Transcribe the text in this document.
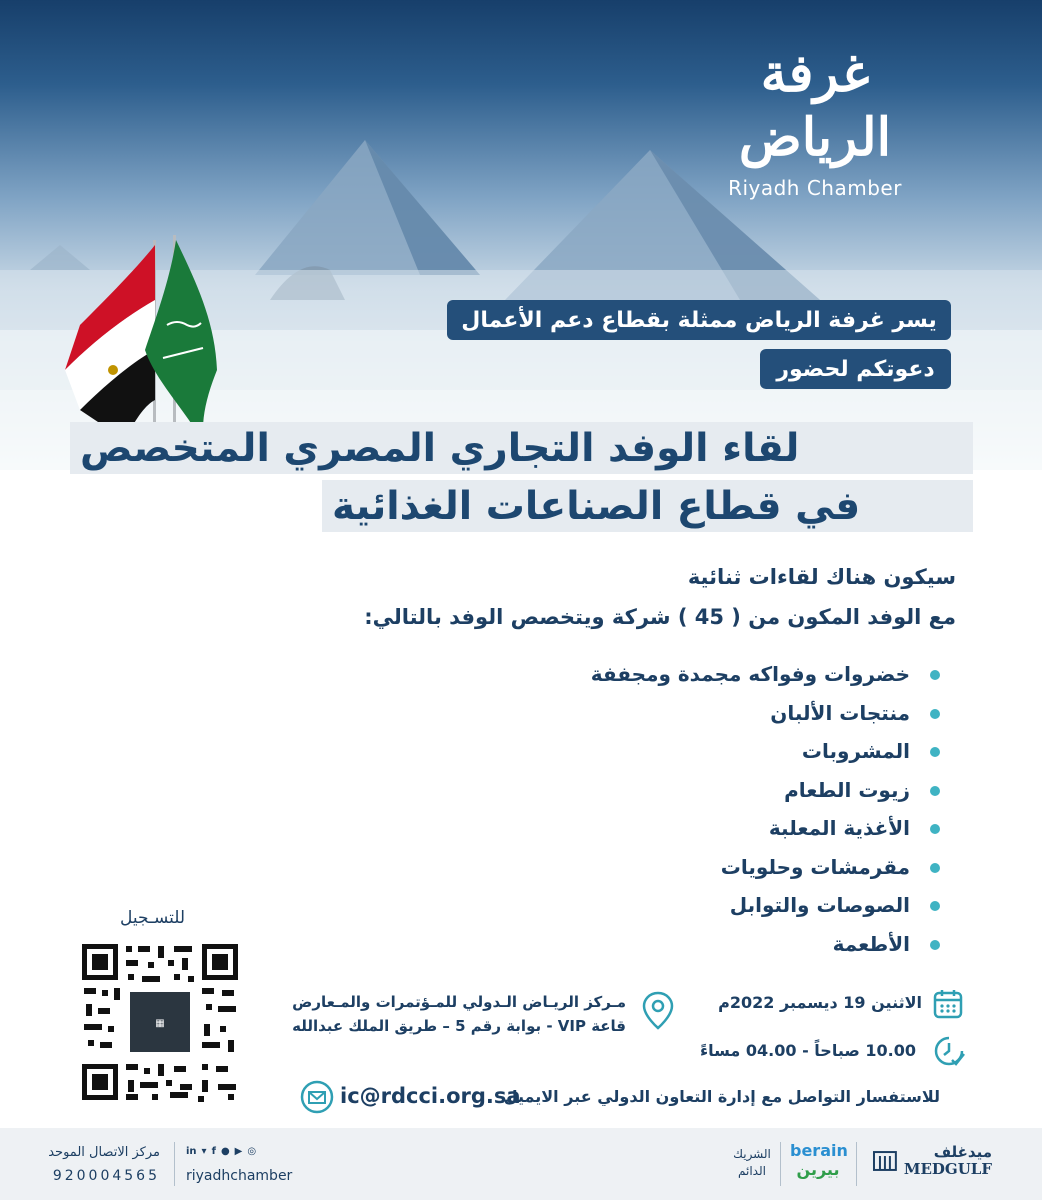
غرفة الرياض
Riyadh Chamber
يسر غرفة الرياض ممثلة بقطاع دعم الأعمال
دعوتكم لحضور
لقاء الوفد التجاري المصري المتخصص
في قطاع الصناعات الغذائية
سيكون هناك لقاءات ثنائية
مع الوفد المكون من ( 45 ) شركة ويتخصص الوفد بالتالي:
خضروات وفواكه مجمدة ومجففة
منتجات الألبان
المشروبات
زيوت الطعام
الأغذية المعلبة
مقرمشات وحلويات
الصوصات والتوابل
الأطعمة
للتسـجيل
▦
الاثنين 19 ديسمبر 2022م
10.00 صباحاً - 04.00 مساءً
مـركز الريـاض الـدولي للمـؤتمرات والمـعارض
قاعة VIP - بوابة رقم 5 – طريق الملك عبدالله
للاستفسار التواصل مع إدارة التعاون الدولي عبر الايميل
ic@rdcci.org.sa
ميدغلف
MEDGULF
berain
بيرين
الشريك
الدائم
in ▾ f ● ▶ ◎
riyadhchamber
مركز الاتصال الموحد
920004565
